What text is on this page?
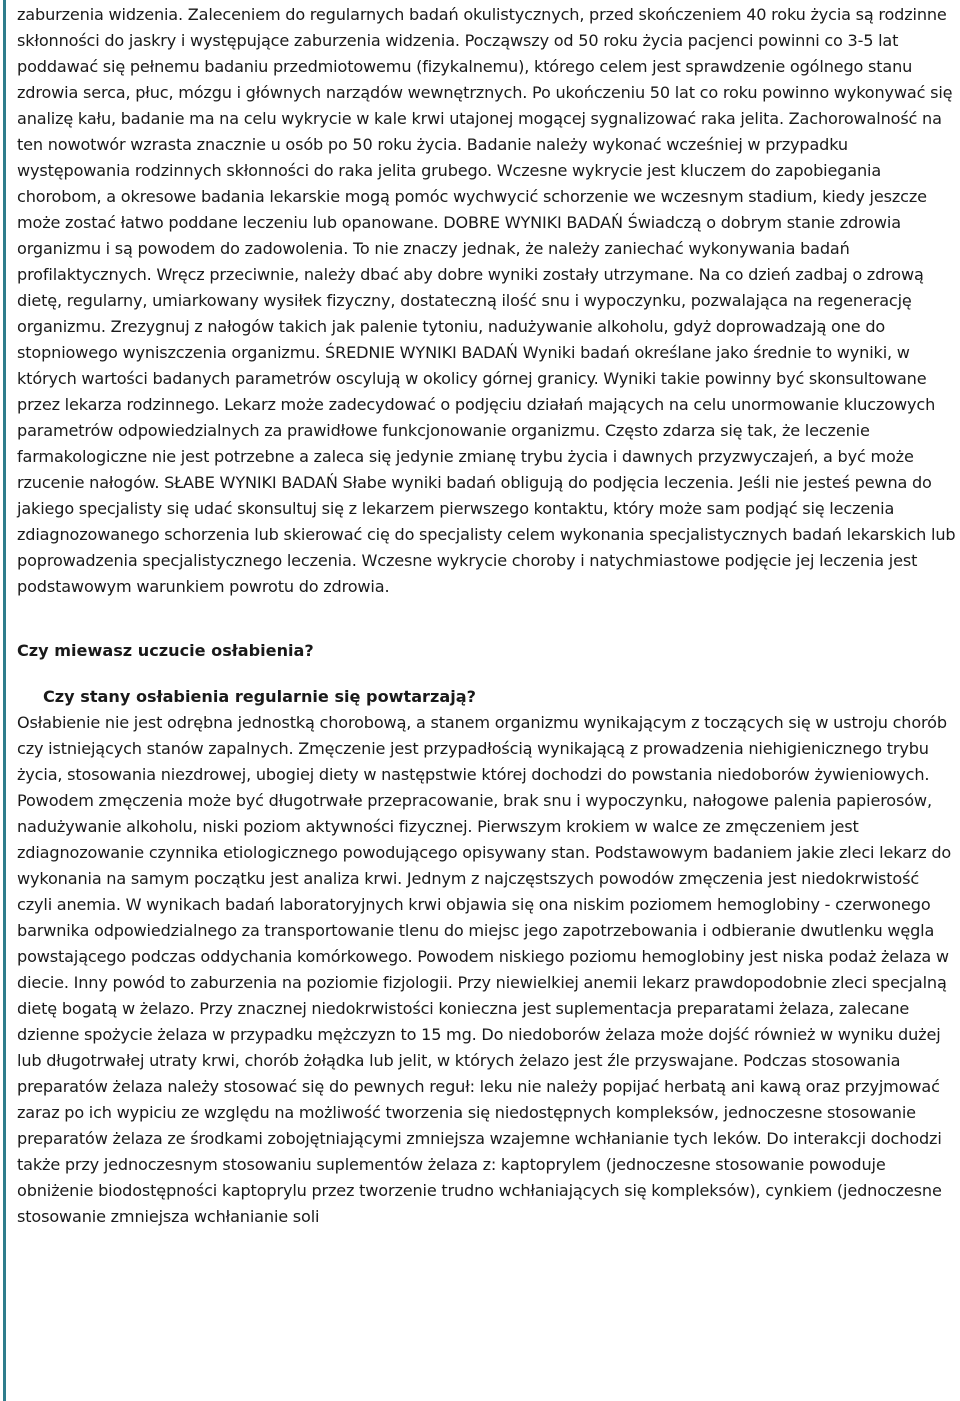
zaburzenia widzenia. Zaleceniem do regularnych badań okulistycznych, przed skończeniem 40 roku życia są rodzinne skłonności do jaskry i występujące zaburzenia widzenia. Począwszy od 50 roku życia pacjenci powinni co 3-5 lat poddawać się pełnemu badaniu przedmiotowemu (fizykalnemu), którego celem jest sprawdzenie ogólnego stanu zdrowia serca, płuc, mózgu i głównych narządów wewnętrznych. Po ukończeniu 50 lat co roku powinno wykonywać się analizę kału, badanie ma na celu wykrycie w kale krwi utajonej mogącej sygnalizować raka jelita. Zachorowalność na ten nowotwór wzrasta znacznie u osób po 50 roku życia. Badanie należy wykonać wcześniej w przypadku występowania rodzinnych skłonności do raka jelita grubego. Wczesne wykrycie jest kluczem do zapobiegania chorobom, a okresowe badania lekarskie mogą pomóc wychwycić schorzenie we wczesnym stadium, kiedy jeszcze może zostać łatwo poddane leczeniu lub opanowane. DOBRE WYNIKI BADAŃ Świadczą o dobrym stanie zdrowia organizmu i są powodem do zadowolenia. To nie znaczy jednak, że należy zaniechać wykonywania badań profilaktycznych. Wręcz przeciwnie, należy dbać aby dobre wyniki zostały utrzymane. Na co dzień zadbaj o zdrową dietę, regularny, umiarkowany wysiłek fizyczny, dostateczną ilość snu i wypoczynku, pozwalająca na regenerację organizmu. Zrezygnuj z nałogów takich jak palenie tytoniu, nadużywanie alkoholu, gdyż doprowadzają one do stopniowego wyniszczenia organizmu. ŚREDNIE WYNIKI BADAŃ Wyniki badań określane jako średnie to wyniki, w których wartości badanych parametrów oscylują w okolicy górnej granicy. Wyniki takie powinny być skonsultowane przez lekarza rodzinnego. Lekarz może zadecydować o podjęciu działań mających na celu unormowanie kluczowych parametrów odpowiedzialnych za prawidłowe funkcjonowanie organizmu. Często zdarza się tak, że leczenie farmakologiczne nie jest potrzebne a zaleca się jedynie zmianę trybu życia i dawnych przyzwyczajeń, a być może rzucenie nałogów. SŁABE WYNIKI BADAŃ Słabe wyniki badań obligują do podjęcia leczenia. Jeśli nie jesteś pewna do jakiego specjalisty się udać skonsultuj się z lekarzem pierwszego kontaktu, który może sam podjąć się leczenia zdiagnozowanego schorzenia lub skierować cię do specjalisty celem wykonania specjalistycznych badań lekarskich lub poprowadzenia specjalistycznego leczenia. Wczesne wykrycie choroby i natychmiastowe podjęcie jej leczenia jest podstawowym warunkiem powrotu do zdrowia.

Czy miewasz uczucie osłabienia?
Czy stany osłabienia regularnie się powtarzają?

Osłabienie nie jest odrębna jednostką chorobową, a stanem organizmu wynikającym z toczących się w ustroju chorób czy istniejących stanów zapalnych. Zmęczenie jest przypadłością wynikającą z prowadzenia niehigienicznego trybu życia, stosowania niezdrowej, ubogiej diety w następstwie której dochodzi do powstania niedoborów żywieniowych. Powodem zmęczenia może być długotrwałe przepracowanie, brak snu i wypoczynku, nałogowe palenia papierosów, nadużywanie alkoholu, niski poziom aktywności fizycznej. Pierwszym krokiem w walce ze zmęczeniem jest zdiagnozowanie czynnika etiologicznego powodującego opisywany stan. Podstawowym badaniem jakie zleci lekarz do wykonania na samym początku jest analiza krwi. Jednym z najczęstszych powodów zmęczenia jest niedokrwistość czyli anemia. W wynikach badań laboratoryjnych krwi objawia się ona niskim poziomem hemoglobiny - czerwonego barwnika odpowiedzialnego za transportowanie tlenu do miejsc jego zapotrzebowania i odbieranie dwutlenku węgla powstającego podczas oddychania komórkowego. Powodem niskiego poziomu hemoglobiny jest niska podaż żelaza w diecie. Inny powód to zaburzenia na poziomie fizjologii. Przy niewielkiej anemii lekarz prawdopodobnie zleci specjalną dietę bogatą w żelazo. Przy znacznej niedokrwistości konieczna jest suplementacja preparatami żelaza, zalecane dzienne spożycie żelaza w przypadku mężczyzn to 15 mg. Do niedoborów żelaza może dojść również w wyniku dużej lub długotrwałej utraty krwi, chorób żołądka lub jelit, w których żelazo jest źle przyswajane. Podczas stosowania preparatów żelaza należy stosować się do pewnych reguł: leku nie należy popijać herbatą ani kawą oraz przyjmować zaraz po ich wypiciu ze względu na możliwość tworzenia się niedostępnych kompleksów, jednoczesne stosowanie preparatów żelaza ze środkami zobojętniającymi zmniejsza wzajemne wchłanianie tych leków. Do interakcji dochodzi także przy jednoczesnym stosowaniu suplementów żelaza z: kaptoprylem (jednoczesne stosowanie powoduje obniżenie biodostępności kaptoprylu przez tworzenie trudno wchłaniających się kompleksów), cynkiem (jednoczesne stosowanie zmniejsza wchłanianie soli
